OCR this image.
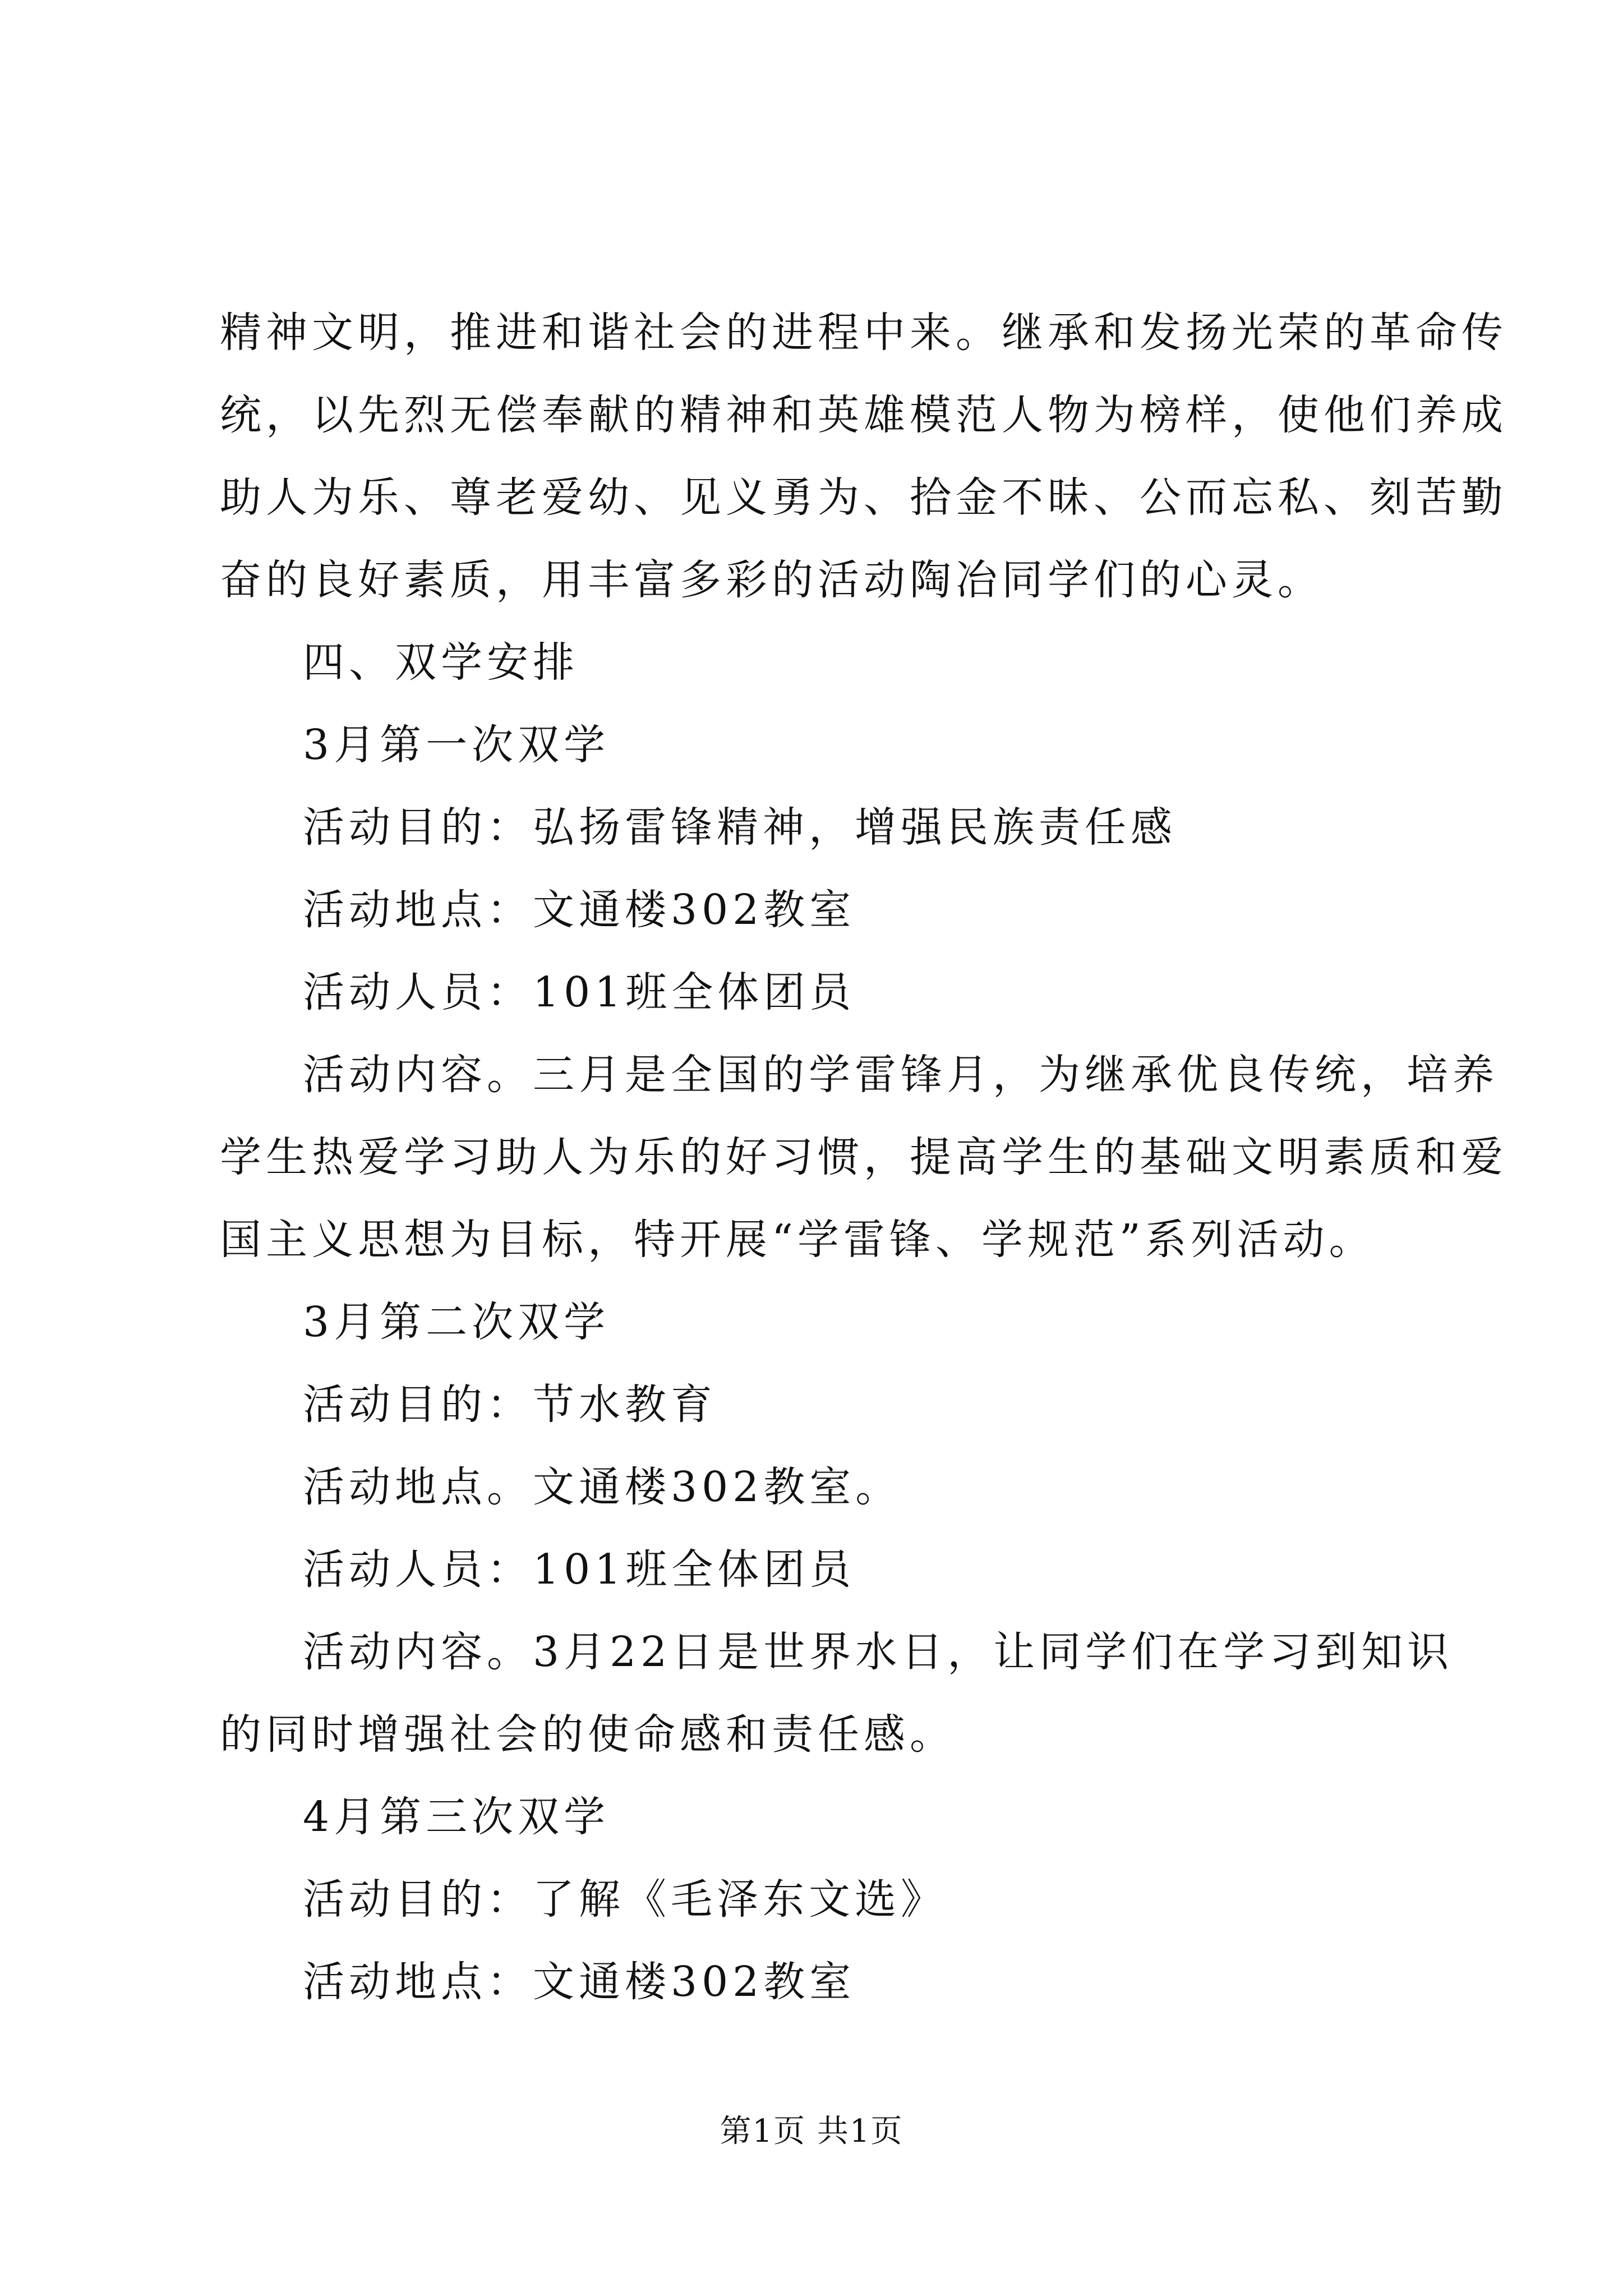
精神文明，推进和谐社会的进程中来。继承和发扬光荣的革命传
统，以先烈无偿奉献的精神和英雄模范人物为榜样，使他们养成
助人为乐、尊老爱幼、见义勇为、拾金不昧、公而忘私、刻苦勤
奋的良好素质，用丰富多彩的活动陶冶同学们的心灵。
四、双学安排
3月第一次双学
活动目的：弘扬雷锋精神，增强民族责任感
活动地点：文通楼302教室
活动人员：101班全体团员
活动内容。三月是全国的学雷锋月，为继承优良传统，培养
学生热爱学习助人为乐的好习惯，提高学生的基础文明素质和爱
国主义思想为目标，特开展“学雷锋、学规范”系列活动。
3月第二次双学
活动目的：节水教育
活动地点。文通楼302教室。
活动人员：101班全体团员
活动内容。3月22日是世界水日，让同学们在学习到知识
的同时增强社会的使命感和责任感。
4月第三次双学
活动目的：了解《毛泽东文选》
活动地点：文通楼302教室
第1页 共1页
